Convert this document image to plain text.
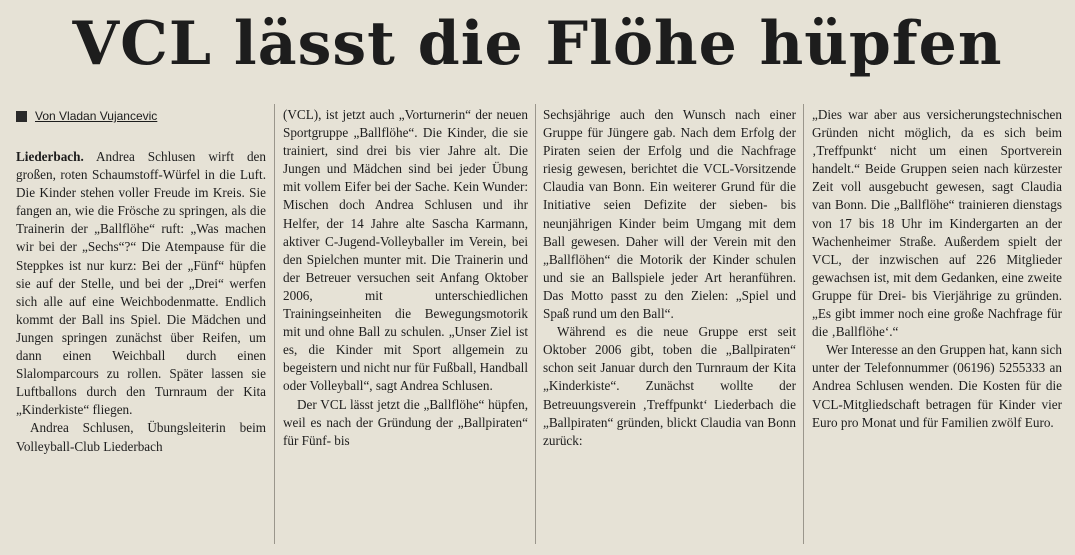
VCL lässt die Flöhe hüpfen
Von Vladan Vujancevic

Liederbach. Andrea Schlusen wirft den großen, roten Schaumstoff-Würfel in die Luft. Die Kinder stehen voller Freude im Kreis. Sie fangen an, wie die Frösche zu springen, als die Trainerin der „Ballflöhe“ ruft: „Was machen wir bei der „Sechs“?“ Die Atempause für die Steppkes ist nur kurz: Bei der „Fünf“ hüpfen sie auf der Stelle, und bei der „Drei“ werfen sich alle auf eine Weichbodenmatte. Endlich kommt der Ball ins Spiel. Die Mädchen und Jungen springen zunächst über Reifen, um dann einen Weichball durch einen Slalomparcours zu rollen. Später lassen sie Luftballons durch den Turnraum der Kita „Kinderkiste“ fliegen.

Andrea Schlusen, Übungsleiterin beim Volleyball-Club Liederbach

(VCL), ist jetzt auch „Vorturnerin“ der neuen Sportgruppe „Ballflöhe“. Die Kinder, die sie trainiert, sind drei bis vier Jahre alt. Die Jungen und Mädchen sind bei jeder Übung mit vollem Eifer bei der Sache. Kein Wunder: Mischen doch Andrea Schlusen und ihr Helfer, der 14 Jahre alte Sascha Karmann, aktiver C-Jugend-Volleyballer im Verein, bei den Spielchen munter mit. Die Trainerin und der Betreuer versuchen seit Anfang Oktober 2006, mit unterschiedlichen Trainingseinheiten die Bewegungsmotorik mit und ohne Ball zu schulen. „Unser Ziel ist es, die Kinder mit Sport allgemein zu begeistern und nicht nur für Fußball, Handball oder Volleyball“, sagt Andrea Schlusen.

Der VCL lässt jetzt die „Ballflöhe“ hüpfen, weil es nach der Gründung der „Ballpiraten“ für Fünf- bis

Sechsjährige auch den Wunsch nach einer Gruppe für Jüngere gab. Nach dem Erfolg der Piraten seien der Erfolg und die Nachfrage riesig gewesen, berichtet die VCL-Vorsitzende Claudia van Bonn. Ein weiterer Grund für die Initiative seien Defizite der sieben- bis neunjährigen Kinder beim Umgang mit dem Ball gewesen. Daher will der Verein mit den „Ballflöhen“ die Motorik der Kinder schulen und sie an Ballspiele jeder Art heranführen. Das Motto passt zu den Zielen: „Spiel und Spaß rund um den Ball“.

Während es die neue Gruppe erst seit Oktober 2006 gibt, toben die „Ballpiraten“ schon seit Januar durch den Turnraum der Kita „Kinderkiste“. Zunächst wollte der Betreuungsverein ‚Treffpunkt‘ Liederbach die „Ballpiraten“ gründen, blickt Claudia van Bonn zurück:

„Dies war aber aus versicherungstechnischen Gründen nicht möglich, da es sich beim ‚Treffpunkt‘ nicht um einen Sportverein handelt.“ Beide Gruppen seien nach kürzester Zeit voll ausgebucht gewesen, sagt Claudia van Bonn. Die „Ballflöhe“ trainieren dienstags von 17 bis 18 Uhr im Kindergarten an der Wachenheimer Straße. Außerdem spielt der VCL, der inzwischen auf 226 Mitglieder gewachsen ist, mit dem Gedanken, eine zweite Gruppe für Drei- bis Vierjährige zu gründen. „Es gibt immer noch eine große Nachfrage für die ‚Ballflöhe‘.“

Wer Interesse an den Gruppen hat, kann sich unter der Telefonnummer (06196) 5255333 an Andrea Schlusen wenden. Die Kosten für die VCL-Mitgliedschaft betragen für Kinder vier Euro pro Monat und für Familien zwölf Euro.
